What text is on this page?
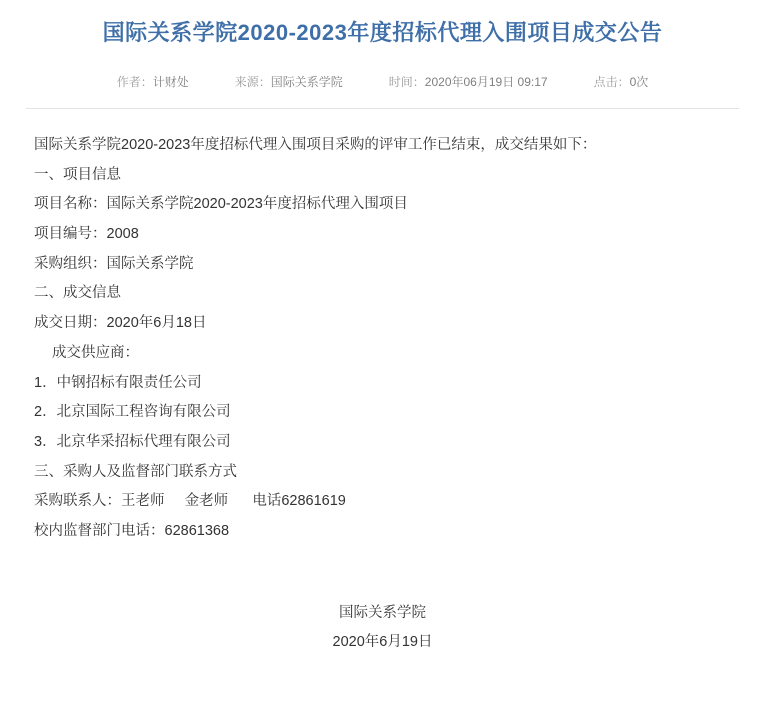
国际关系学院2020-2023年度招标代理入围项目成交公告
作者：计财处	来源：国际关系学院	时间：2020年06月19日 09:17	点击：0次

国际关系学院2020-2023年度招标代理入围项目采购的评审工作已结束，成交结果如下：

一、项目信息

项目名称：国际关系学院2020-2023年度招标代理入围项目

项目编号：2008

采购组织：国际关系学院

二、成交信息

成交日期：2020年6月18日

成交供应商：

1．中钢招标有限责任公司

2．北京国际工程咨询有限公司

3．北京华采招标代理有限公司

三、采购人及监督部门联系方式

采购联系人：王老师     金老师      电话62861619

校内监督部门电话：62861368

国际关系学院
2020年6月19日
